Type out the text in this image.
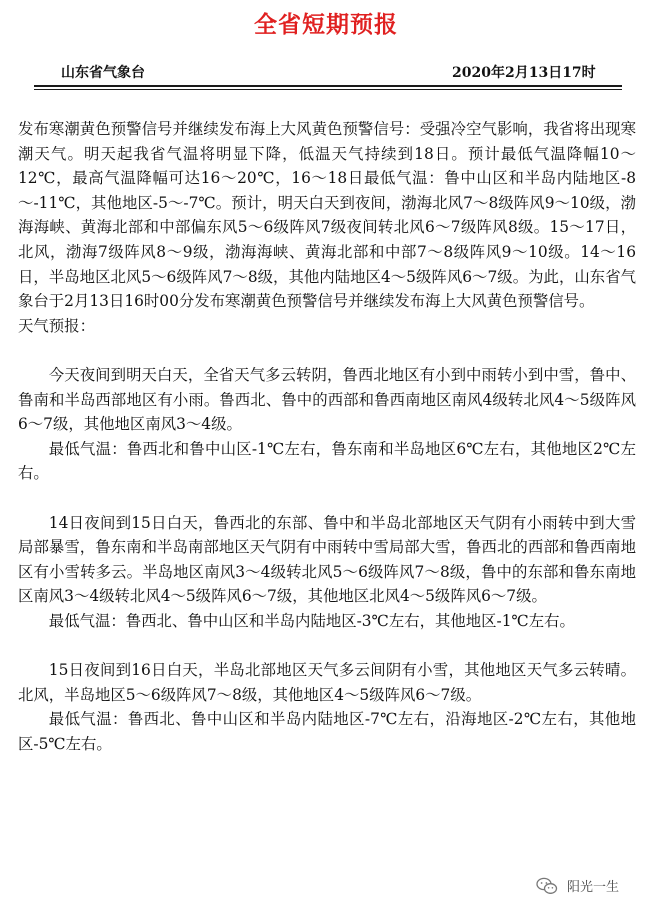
全省短期预报
山东省气象台	2020年2月13日17时

发布寒潮黄色预警信号并继续发布海上大风黄色预警信号：受强冷空气影响，我省将出现寒潮天气。明天起我省气温将明显下降，低温天气持续到18日。预计最低气温降幅10～12℃，最高气温降幅可达16～20℃，16～18日最低气温：鲁中山区和半岛内陆地区-8～-11℃，其他地区-5～-7℃。预计，明天白天到夜间，渤海北风7～8级阵风9～10级，渤海海峡、黄海北部和中部偏东风5～6级阵风7级夜间转北风6～7级阵风8级。15～17日，北风，渤海7级阵风8～9级，渤海海峡、黄海北部和中部7～8级阵风9～10级。14～16日，半岛地区北风5～6级阵风7～8级，其他内陆地区4～5级阵风6～7级。为此，山东省气象台于2月13日16时00分发布寒潮黄色预警信号并继续发布海上大风黄色预警信号。

天气预报：

今天夜间到明天白天，全省天气多云转阴，鲁西北地区有小到中雨转小到中雪，鲁中、鲁南和半岛西部地区有小雨。鲁西北、鲁中的西部和鲁西南地区南风4级转北风4～5级阵风6～7级，其他地区南风3～4级。

最低气温：鲁西北和鲁中山区-1℃左右，鲁东南和半岛地区6℃左右，其他地区2℃左右。

14日夜间到15日白天，鲁西北的东部、鲁中和半岛北部地区天气阴有小雨转中到大雪局部暴雪，鲁东南和半岛南部地区天气阴有中雨转中雪局部大雪，鲁西北的西部和鲁西南地区有小雪转多云。半岛地区南风3～4级转北风5～6级阵风7～8级，鲁中的东部和鲁东南地区南风3～4级转北风4～5级阵风6～7级，其他地区北风4～5级阵风6～7级。

最低气温：鲁西北、鲁中山区和半岛内陆地区-3℃左右，其他地区-1℃左右。

15日夜间到16日白天，半岛北部地区天气多云间阴有小雪，其他地区天气多云转晴。北风，半岛地区5～6级阵风7～8级，其他地区4～5级阵风6～7级。

最低气温：鲁西北、鲁中山区和半岛内陆地区-7℃左右，沿海地区-2℃左右，其他地区-5℃左右。

阳光一生
